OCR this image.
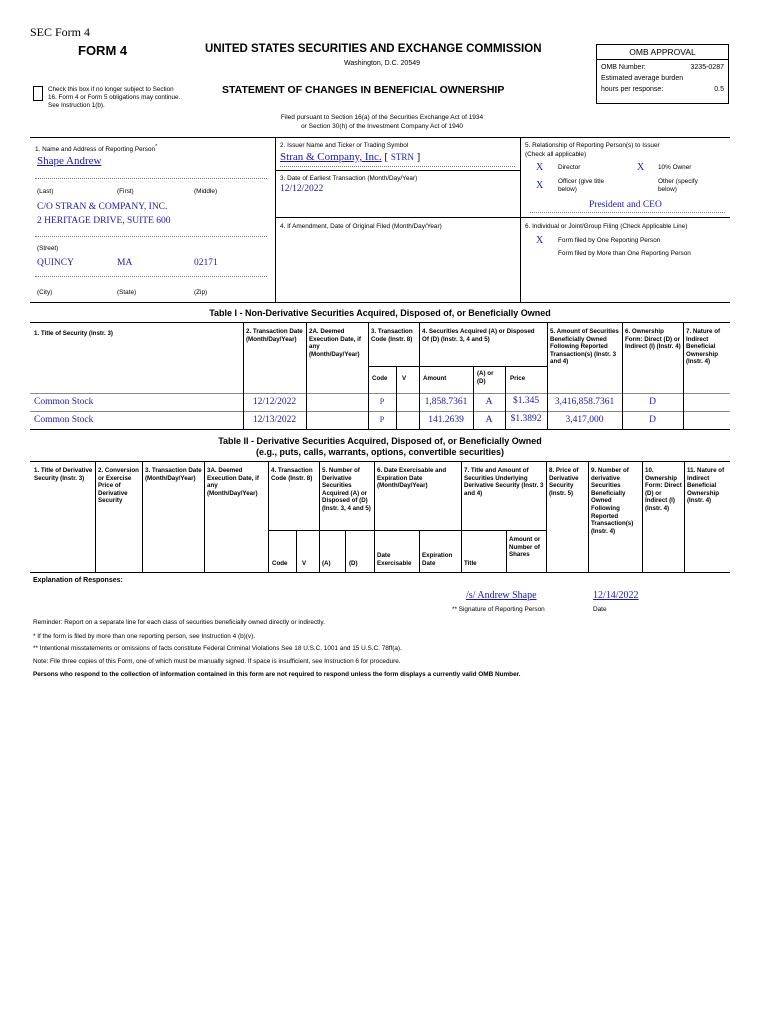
SEC Form 4
FORM 4	UNITED STATES SECURITIES AND EXCHANGE COMMISSION
Washington, D.C. 20549
Check this box if no longer subject to Section 16. Form 4 or Form 5 obligations may continue. See Instruction 1(b).
STATEMENT OF CHANGES IN BENEFICIAL OWNERSHIP
Filed pursuant to Section 16(a) of the Securities Exchange Act of 1934
or Section 30(h) of the Investment Company Act of 1940
OMB APPROVAL
OMB Number:	3235-0287
Estimated average burden
hours per response:	0.5
1. Name and Address of Reporting Person*
Shape Andrew
(Last)	(First)	(Middle)
C/O STRAN & COMPANY, INC.
2 HERITAGE DRIVE, SUITE 600
(Street)
QUINCY	MA	02171
(City)	(State)	(Zip)
2. Issuer Name and Ticker or Trading Symbol
Stran & Company, Inc. [ STRN ]
3. Date of Earliest Transaction (Month/Day/Year)
12/12/2022
4. If Amendment, Date of Original Filed (Month/Day/Year)
5. Relationship of Reporting Person(s) to Issuer
(Check all applicable)
X Director	X 10% Owner
X Officer (give title
below)
Other (specify
below)
President and CEO
6. Individual or Joint/Group Filing (Check Applicable Line)
X Form filed by One Reporting Person
Form filed by More than One Reporting Person
Table I - Non-Derivative Securities Acquired, Disposed of, or Beneficially Owned
1. Title of Security (Instr. 3)	2. Transaction Date (Month/Day/Year)
2A. Deemed Execution Date, if any (Month/Day/Year)
3. Transaction Code (Instr. 8)
4. Securities Acquired (A) or Disposed Of (D) (Instr. 3, 4 and 5)
5. Amount of Securities Beneficially Owned Following Reported Transaction(s) (Instr. 3 and 4)
6. Ownership Form: Direct (D) or Indirect (I) (Instr. 4)
7. Nature of Indirect Beneficial Ownership (Instr. 4)
Code V	Amount
(A) or (D)	Price
Common Stock	12/12/2022	P	1,858.7361	A	$1.345	3,416,858.7361	D
Common Stock	12/13/2022	P	141.2639	A	$1.3892	3,417,000	D
Table II - Derivative Securities Acquired, Disposed of, or Beneficially Owned
(e.g., puts, calls, warrants, options, convertible securities)
1. Title of Derivative Security (Instr. 3)
2. Conversion or Exercise Price of Derivative Security
3. Transaction Date (Month/Day/Year)
3A. Deemed Execution Date, if any (Month/Day/Year)
4. Transaction Code (Instr. 8)
5. Number of Derivative Securities Acquired (A) or Disposed of (D) (Instr. 3, 4 and 5)
6. Date Exercisable and Expiration Date (Month/Day/Year)
7. Title and Amount of Securities Underlying Derivative Security (Instr. 3 and 4)
8. Price of Derivative Security (Instr. 5)
9. Number of derivative Securities Beneficially Owned Following Reported Transaction(s) (Instr. 4)
10. Ownership Form: Direct (D) or Indirect (I) (Instr. 4)
11. Nature of Indirect Beneficial Ownership (Instr. 4)
Code V	(A)	(D)
Date Exercisable
Expiration Date	Title
Amount or Number of Shares
Explanation of Responses:
/s/ Andrew Shape	12/14/2022
** Signature of Reporting Person	Date
Reminder: Report on a separate line for each class of securities beneficially owned directly or indirectly.
* If the form is filed by more than one reporting person, see Instruction 4 (b)(v).
** Intentional misstatements or omissions of facts constitute Federal Criminal Violations See 18 U.S.C. 1001 and 15 U.S.C. 78ff(a).
Note: File three copies of this Form, one of which must be manually signed. If space is insufficient, see Instruction 6 for procedure.
Persons who respond to the collection of information contained in this form are not required to respond unless the form displays a currently valid OMB Number.
